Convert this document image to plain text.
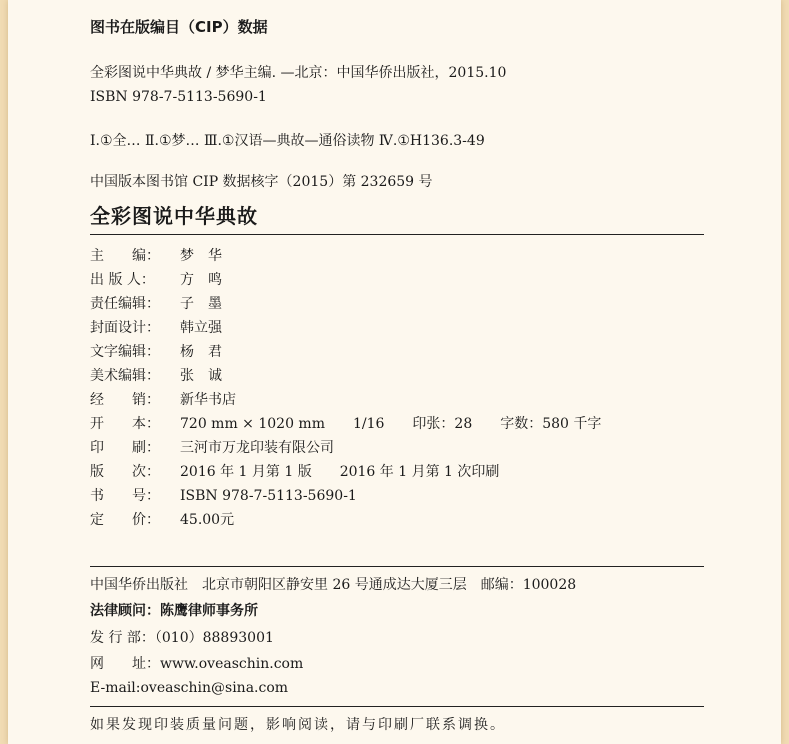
图书在版编目（CIP）数据
全彩图说中华典故 / 梦华主编. —北京：中国华侨出版社，2015.10
ISBN 978-7-5113-5690-1
Ⅰ.①全… Ⅱ.①梦… Ⅲ.①汉语—典故—通俗读物 Ⅳ.①H136.3-49
中国版本图书馆 CIP 数据核字（2015）第 232659 号
全彩图说中华典故
主　　编： 梦　华
出 版 人： 方　鸣
责任编辑： 子　墨
封面设计： 韩立强
文字编辑： 杨　君
美术编辑： 张　诚
经　　销： 新华书店
开　　本： 720 mm × 1020 mm　　1/16　　印张：28　　字数：580 千字
印　　刷： 三河市万龙印装有限公司
版　　次： 2016 年 1 月第 1 版　　2016 年 1 月第 1 次印刷
书　　号： ISBN 978-7-5113-5690-1
定　　价： 45.00元
中国华侨出版社　北京市朝阳区静安里 26 号通成达大厦三层　邮编：100028
法律顾问：陈鹰律师事务所
发 行 部：（010）88893001
网　　址：www.oveaschin.com
E-mail:oveaschin@sina.com
如果发现印装质量问题，影响阅读，请与印刷厂联系调换。
